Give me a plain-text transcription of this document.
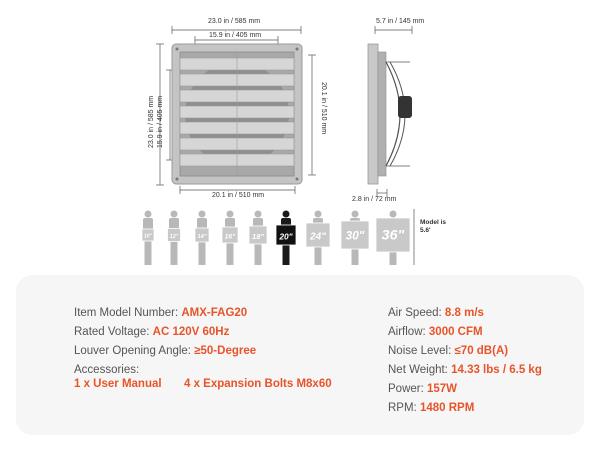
23.0 in / 585 mm
15.9 in / 405 mm
23.0 in / 585 mm 15.9 in / 405 mm	20.1 in / 510 mm
20.1 in / 510 mm
5.7 in / 145 mm
2.8 in / 72 mm
10"	12"	14"	16" 18" 20" 24" 30" 36"
Model is
5.6'
Item Model Number: AMX-FAG20
Rated Voltage: AC 120V 60Hz
Louver Opening Angle: ≥50-Degree
Accessories:
1 x User Manual 4 x Expansion Bolts M8x60
Air Speed: 8.8 m/s
Airflow: 3000 CFM
Noise Level: ≤70 dB(A)
Net Weight: 14.33 lbs / 6.5 kg
Power: 157W
RPM: 1480 RPM
